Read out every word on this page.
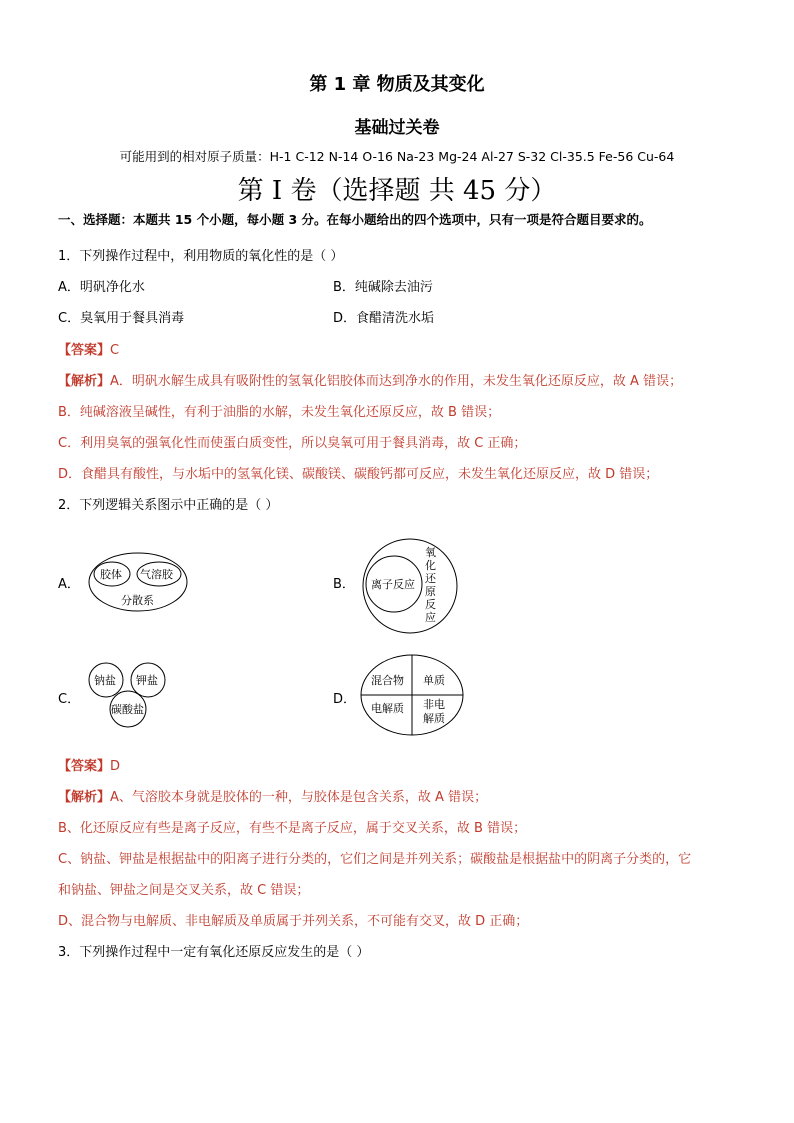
第 1 章 物质及其变化
基础过关卷
可能用到的相对原子质量：H-1 C-12 N-14 O-16 Na-23 Mg-24 Al-27 S-32 Cl-35.5 Fe-56 Cu-64
第 I 卷（选择题 共 45 分）
一、选择题：本题共 15 个小题，每小题 3 分。在每小题给出的四个选项中，只有一项是符合题目要求的。
1．下列操作过程中，利用物质的氧化性的是（ ）
A．明矾净化水	B．纯碱除去油污
C．臭氧用于餐具消毒	D．食醋清洗水垢
【答案】C
【解析】A．明矾水解生成具有吸附性的氢氧化铝胶体而达到净水的作用，未发生氧化还原反应，故 A 错误；
B．纯碱溶液呈碱性，有利于油脂的水解，未发生氧化还原反应，故 B 错误；
C．利用臭氧的强氧化性而使蛋白质变性，所以臭氧可用于餐具消毒，故 C 正确；
D．食醋具有酸性，与水垢中的氢氧化镁、碳酸镁、碳酸钙都可反应，未发生氧化还原反应，故 D 错误；
2．下列逻辑关系图示中正确的是（ ）
A．
胶体 气溶胶
分散系
B． 离子反应
氧
化
还
原
反
应
C．
钠盐 钾盐
碳酸盐
D．
混合物 单质
电解质 非电
解质
【答案】D
【解析】A、气溶胶本身就是胶体的一种，与胶体是包含关系，故 A 错误；
B、化还原反应有些是离子反应，有些不是离子反应，属于交叉关系，故 B 错误；
C、钠盐、钾盐是根据盐中的阳离子进行分类的，它们之间是并列关系；碳酸盐是根据盐中的阴离子分类的，它
和钠盐、钾盐之间是交叉关系，故 C 错误；
D、混合物与电解质、非电解质及单质属于并列关系，不可能有交叉，故 D 正确；
3．下列操作过程中一定有氧化还原反应发生的是（ ）
